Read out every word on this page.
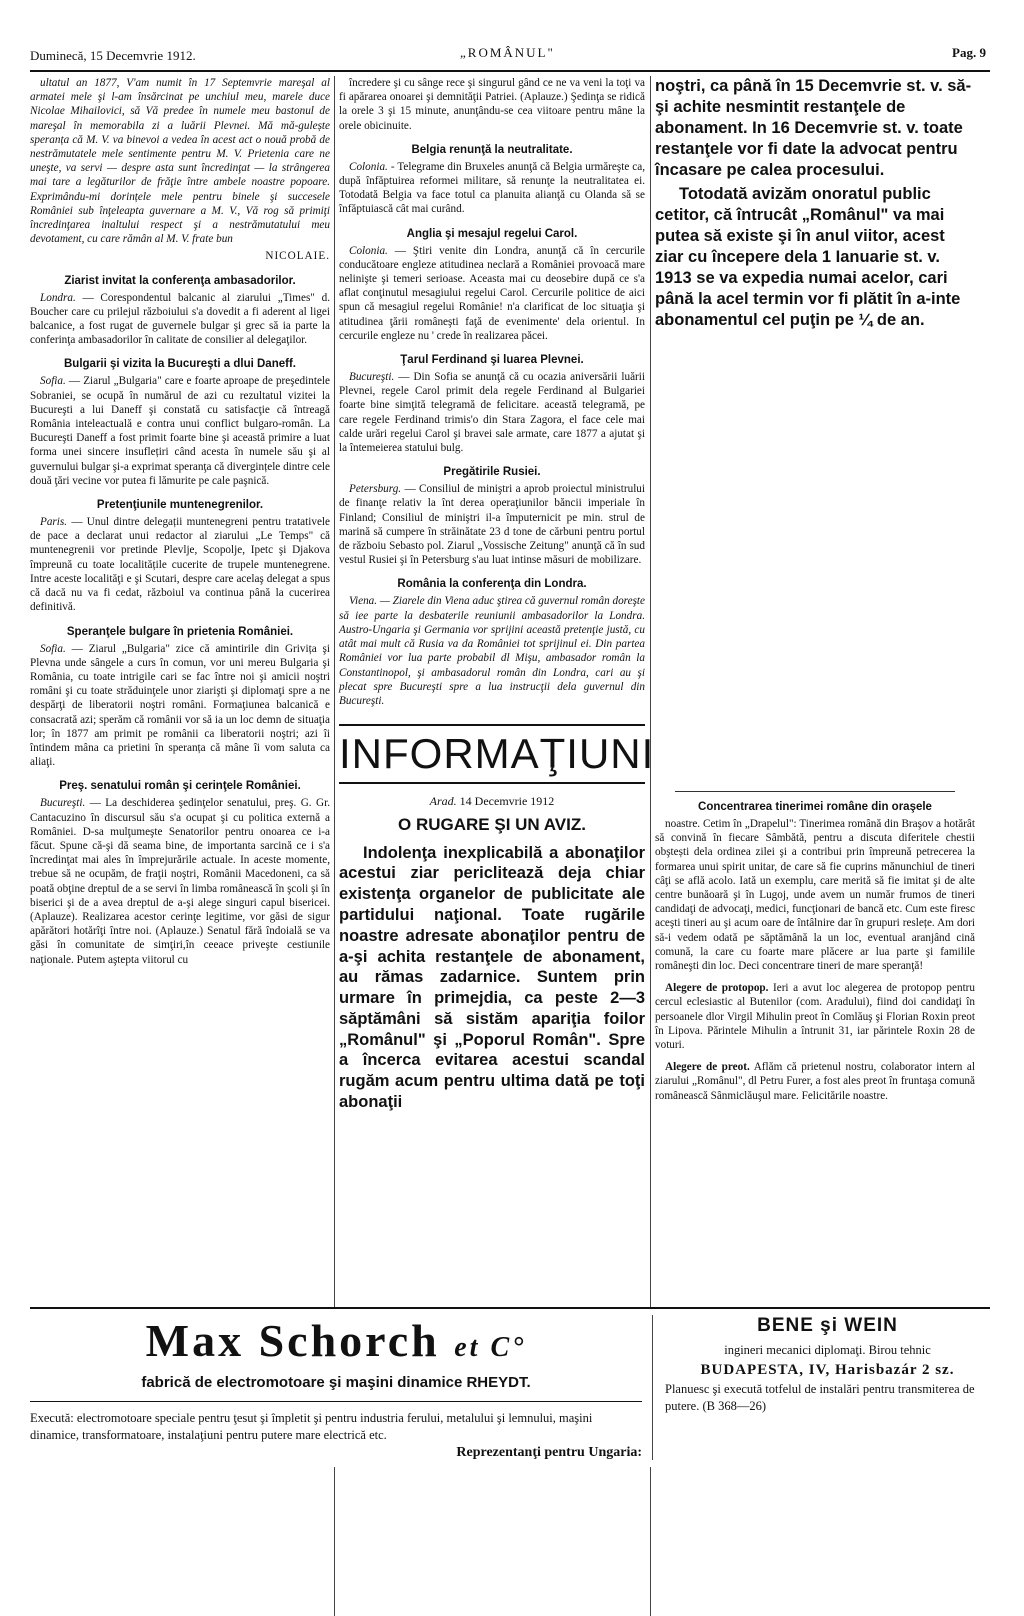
Duminecă, 15 Decemvrie 1912.	„ROMÂNUL"	Pag. 9

ultatul an 1877, V'am numit în 17 Septemvrie mareşal al armatei mele şi l-am însărcinat pe unchiul meu, marele duce Nicolae Mihailovici, să Vă predee în numele meu bastonul de mareşal în memorabila zi a luării Plevnei. Mă mă-gulește speranța că M. V. va binevoi a vedea în acest act o nouă probă de nestrămutatele mele sentimente pentru M. V. Prietenia care ne uneşte, va servi — despre asta sunt încredinţat — la strângerea mai tare a legăturilor de frăţie între ambele noastre popoare. Exprimându-mi dorințele mele pentru binele şi succesele României sub înţeleapta guvernare a M. V., Vă rog să primiţi încredinţarea inaltului respect şi a nestrămutatului meu devotament, cu care rămân al M. V. frate bun

NICOLAIE.

Ziarist invitat la conferenţa ambasadorilor.

Londra. — Corespondentul balcanic al ziarului „Times" d. Boucher care cu prilejul războiului s'a dovedit a fi aderent al ligei balcanice, a fost rugat de guvernele bulgar şi grec să ia parte la conferinţa ambasadorilor în calitate de consilier al delegaţilor.

Bulgarii şi vizita la Bucureşti a dlui Daneff.

Sofia. — Ziarul „Bulgaria" care e foarte aproape de preşedintele Sobraniei, se ocupă în numărul de azi cu rezultatul vizitei la Bucureşti a lui Daneff şi constată cu satisfacţie că întreagă România inteleactuală e contra unui conflict bulgaro-român. La Bucureşti Daneff a fost primit foarte bine şi această primire a luat forma unei sincere insuflețiri când acesta în numele său şi al guvernului bulgar şi-a exprimat speranţa că divergințele dintre cele două ţări vecine vor putea fi lămurite pe cale paşnică.

Pretenţiunile muntenegrenilor.

Paris. — Unul dintre delegații muntenegreni pentru tratativele de pace a declarat unui redactor al ziarului „Le Temps" că muntenegrenii vor pretinde Plevlje, Scopolje, Ipetc şi Djakova împreună cu toate localitățile cucerite de trupele muntenegrene. Intre aceste localităţi e şi Scutari, despre care acelaş delegat a spus că dacă nu va fi cedat, războiul va continua până la cucerirea definitivă.

Speranţele bulgare în prietenia României.

Sofia. — Ziarul „Bulgaria" zice că amintirile din Grivița şi Plevna unde sângele a curs în comun, vor uni mereu Bulgaria şi România, cu toate intrigile cari se fac între noi şi amicii noştri români şi cu toate străduinţele unor ziarişti şi diplomaţi spre a ne despărţi de liberatorii noştri români. Formaţiunea balcanică e consacrată azi; sperăm că românii vor să ia un loc demn de situaţia lor; în 1877 am primit pe românii ca liberatorii noştri; azi îi întindem mâna ca prietini în speranța că mâne îi vom saluta ca aliaţi.

Preş. senatului român şi cerinţele României.

Bucureşti. — La deschiderea şedinţelor senatului, preş. G. Gr. Cantacuzino în discursul său s'a ocupat şi cu politica externă a României. D-sa mulţumeşte Senatorilor pentru onoarea ce i-a făcut. Spune că-şi dă seama bine, de importanta sarcină ce i s'a încredinţat mai ales în împrejurările actuale. In aceste momente, trebue să ne ocupăm, de fraţii noştri, Românii Macedoneni, ca să poată obţine dreptul de a se servi în limba românească în şcoli şi în biserici şi de a avea dreptul de a-şi alege singuri capul bisericei. (Aplauze). Realizarea acestor cerinţe legitime, vor găsi de sigur apărători hotărîţi între noi. (Aplauze.) Senatul fără îndoială se va găsi în comunitate de simţiri,în ceeace priveşte cestiunile naţionale. Putem aştepta viitorul cu

încredere şi cu sânge rece şi singurul gând ce ne va veni la toţi va fi apărarea onoarei şi demnităţii Patriei. (Aplauze.) Şedinţa se ridică la orele 3 şi 15 minute, anunţându-se cea viitoare pentru mâne la orele obicinuite.

Belgia renunţă la neutralitate.

Colonia. - Telegrame din Bruxeles anunţă că Belgia urmăreşte ca, după înfăptuirea reformei militare, să renunţe la neutralitatea ei. Totodată Belgia va face totul ca planuita alianţă cu Olanda să se înfăptuiască cât mai curând.

Anglia şi mesajul regelui Carol.

Colonia. — Ştiri venite din Londra, anunţă că în cercurile conducătoare engleze atitudinea neclară a României provoacă mare nelinişte şi temeri serioase. Aceasta mai cu deosebire după ce s'a aflat conţinutul mesagiului regelui Carol. Cercurile politice de aici spun că mesagiul regelui Românie! n'a clarificat de loc situaţia şi atitudinea ţării româneşti faţă de evenimente' dela orientul. In cercurile engleze nu ' crede în realizarea păcei.

Ţarul Ferdinand şi luarea Plevnei.

Bucureşti. — Din Sofia se anunţă că cu ocazia aniversării luării Plevnei, regele Carol primit dela regele Ferdinand al Bulgariei foarte bine simţită telegramă de felicitare. această telegramă, pe care regele Ferdinand trimis'o din Stara Zagora, el face cele mai calde urări regelui Carol şi bravei sale armate, care 1877 a ajutat şi la întemeierea statului bulg.

Pregătirile Rusiei.

Petersburg. — Consiliul de miniştri a aprob proiectul ministrului de finanţe relativ la înt derea operaţiunilor băncii imperiale în Finland; Consiliul de miniştri il-a împuternicit pe min. strul de marină să cumpere în străinătate 23 d tone de cărbuni pentru portul de războiu Sebasto pol. Ziarul „Vossische Zeitung" anunţă că în sud vestul Rusiei şi în Petersburg s'au luat intinse măsuri de mobilizare.

România la conferenţa din Londra.

Viena. — Ziarele din Viena aduc ştirea că guvernul român doreşte să iee parte la desbaterile reuniunii ambasadorilor la Londra. Austro-Ungaria şi Germania vor sprijini această pretenţie justă, cu atât mai mult că Rusia va da României tot sprijinul ei. Din partea României vor lua parte probabil dl Mişu, ambasador român la Constantinopol, şi ambasadorul român din Londra, cari au şi plecat spre Bucureşti spre a lua instrucţii dela guvernul din Bucureşti.

INFORMAŢIUNI
Arad. 14 Decemvrie 1912
O RUGARE ŞI UN AVIZ.

Indolenţa inexplicabilă a abonaţilor acestui ziar periclitează deja chiar existenţa organelor de publicitate ale partidului naţional. Toate rugările noastre adresate abonaţilor pentru de a-şi achita restanţele de abonament, au rămas zadarnice. Suntem prin urmare în primejdia, ca peste 2—3 săptămâni să sistăm apariţia foilor „Românul" şi „Poporul Român". Spre a încerca evitarea acestui scandal rugăm acum pentru ultima dată pe toţi abonaţii

noştri, ca până în 15 Decemvrie st. v. să-şi achite nesmintit restanţele de abonament. In 16 Decemvrie st. v. toate restanţele vor fi date la advocat pentru încasare pe calea procesului.

Totodată avizăm onoratul public cetitor, că întrucât „Românul" va mai putea să existe şi în anul viitor, acest ziar cu începere dela 1 Ianuarie st. v. 1913 se va expedia numai acelor, cari până la acel termin vor fi plătit în a-inte abonamentul cel puţin pe ¼ de an.

Concentrarea tinerimei române din oraşele

noastre. Cetim în „Drapelul": Tinerimea română din Braşov a hotărât să convină în fiecare Sâmbătă, pentru a discuta diferitele chestii obştești dela ordinea zilei şi a contribui prin împreună petrecerea la formarea unui spirit unitar, de care să fie cuprins mănunchiul de tineri câţi se află acolo. Iată un exemplu, care merită să fie imitat şi de alte centre bunăoară şi în Lugoj, unde avem un număr frumos de tineri candidaţi de advocaţi, medici, funcţionari de bancă etc. Cum este firesc aceşti tineri au şi acum oare de întâlnire dar în grupuri reslețe. Am dori să-i vedem odată pe săptămână la un loc, eventual aranjând cină comună, la care cu foarte mare plăcere ar lua parte şi familile româneşti din loc. Deci concentrare tineri de mare speranţă!

Alegere de protopop. Ieri a avut loc alegerea de protopop pentru cercul eclesiastic al Butenilor (com. Aradului), fiind doi candidaţi în persoanele dlor Virgil Mihulin preot în Comlăuş şi Florian Roxin preot în Lipova. Părintele Mihulin a întrunit 31, iar părintele Roxin 28 de voturi.

Alegere de preot. Aflăm că prietenul nostru, colaborator intern al ziarului „Românul", dl Petru Furer, a fost ales preot în fruntaşa comună românească Sânmiclăuşul mare. Felicitările noastre.

Max Schorch et C°
fabrică de electromotoare şi maşini dinamice RHEYDT.
Execută: electromotoare speciale pentru ţesut şi împletit şi pentru industria ferului, metalului şi lemnului, maşini dinamice, transformatoare, instalaţiuni pentru putere mare electrică etc.
Reprezentanţi pentru Ungaria:
BENE şi WEIN
ingineri mecanici diplomaţi. Birou tehnic
BUDAPESTA, IV, Harisbazár 2 sz.
Planuesc şi execută totfelul de instalări pentru transmiterea de putere. (B 368—26)
